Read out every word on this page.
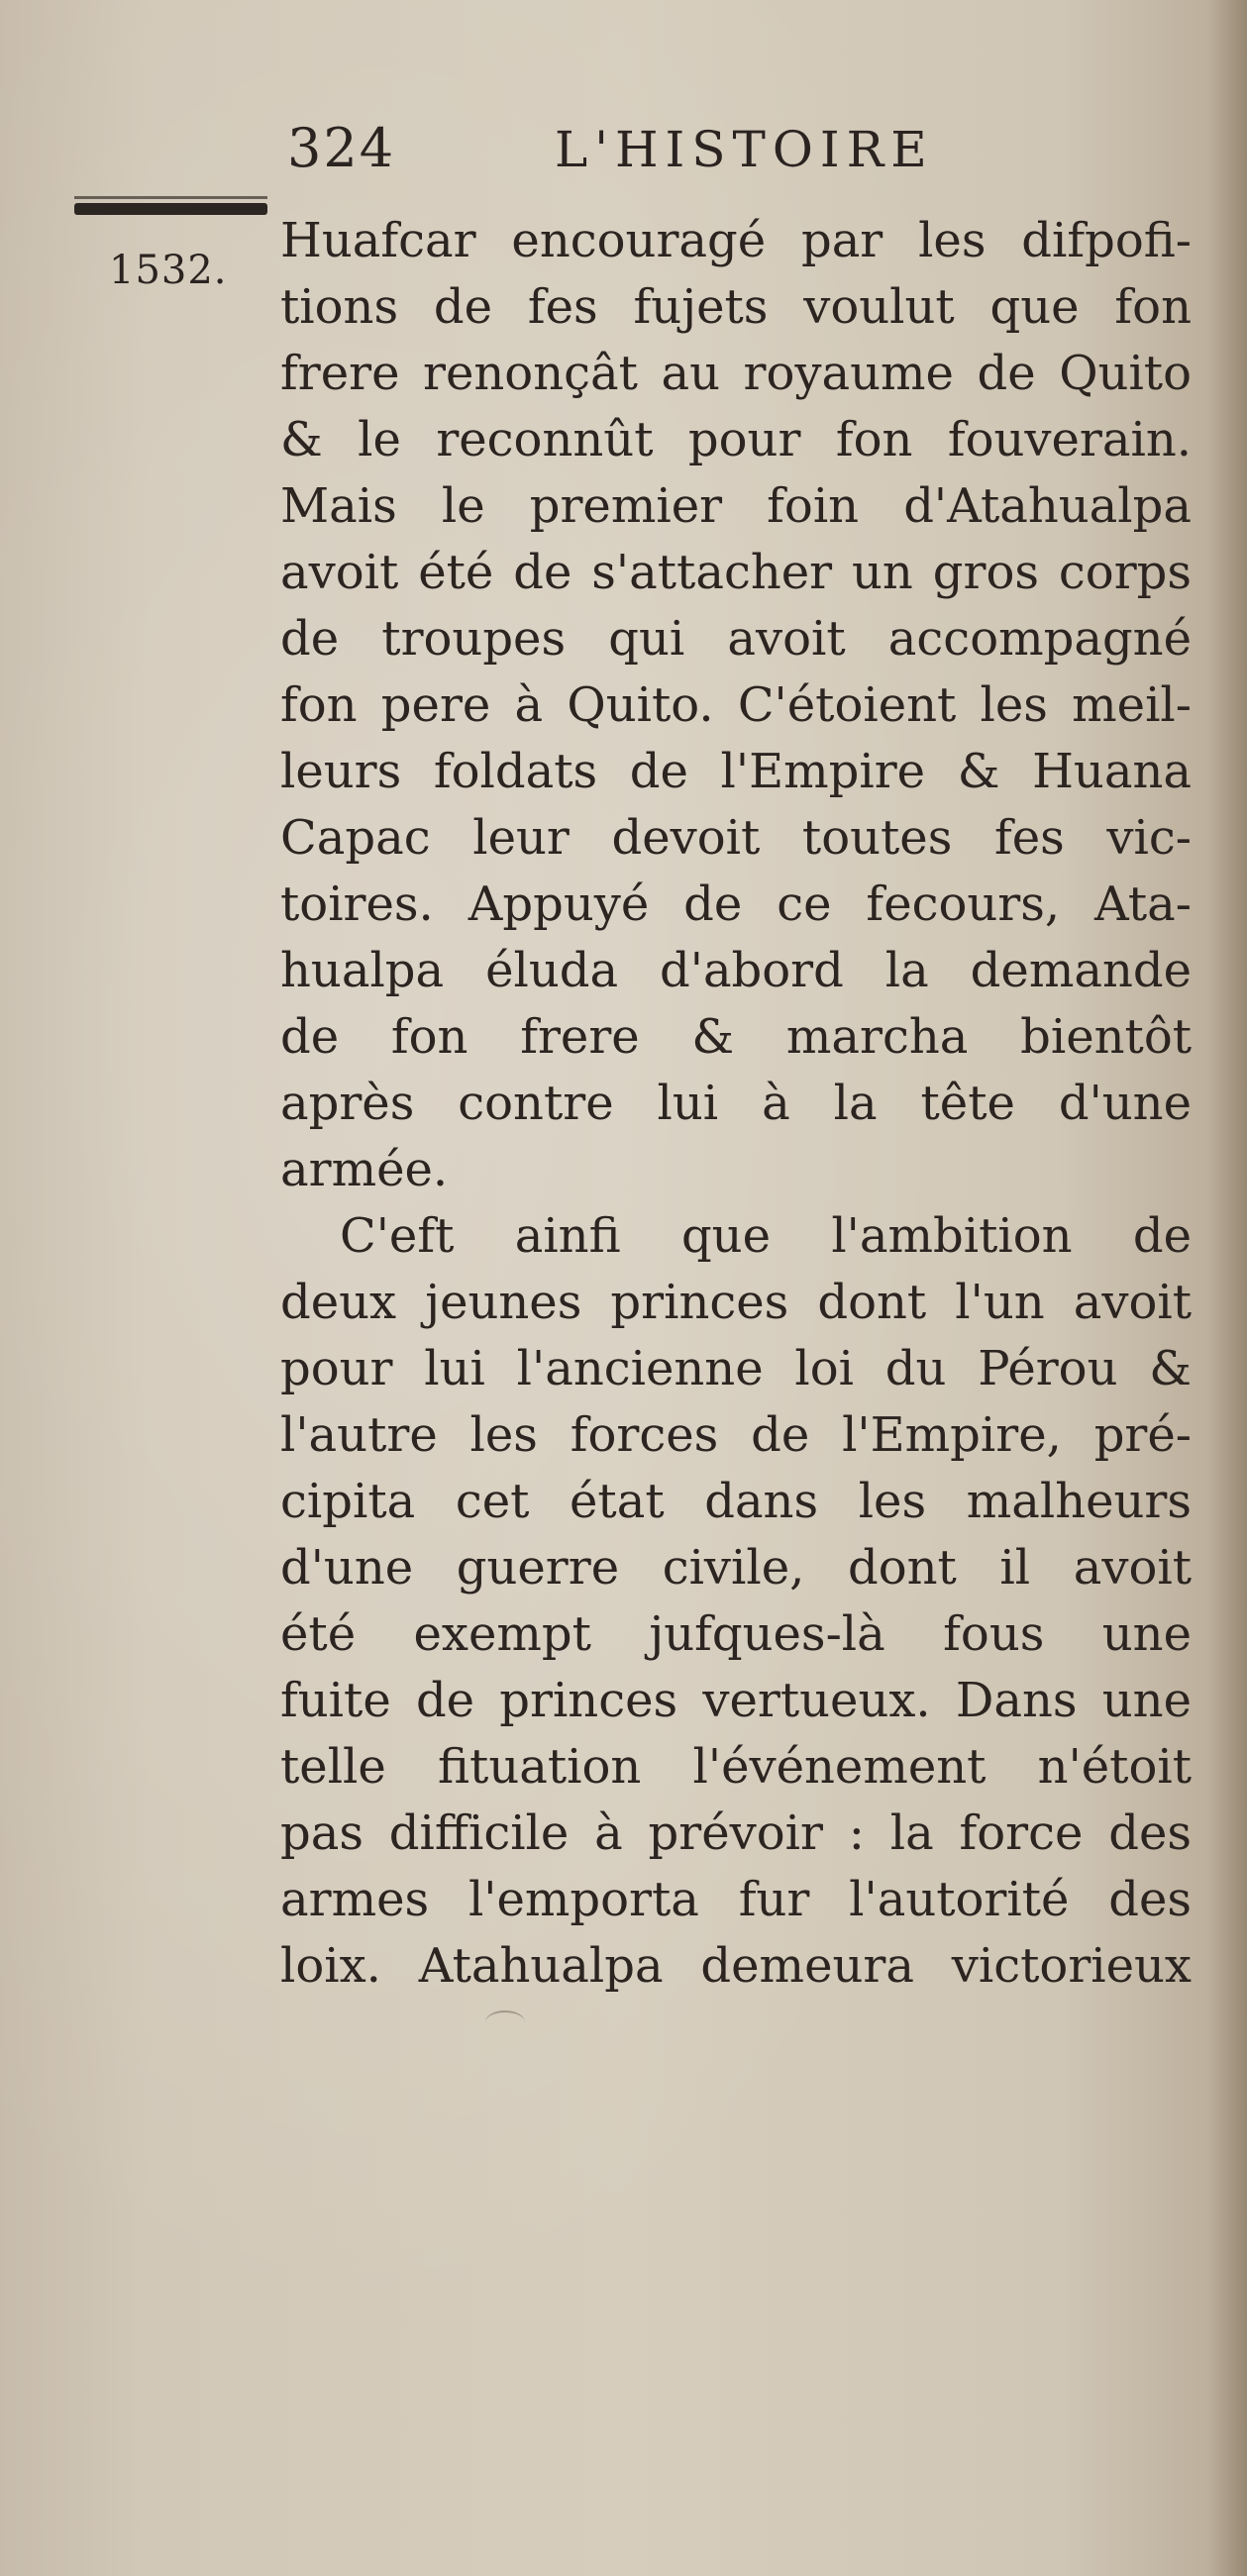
324	L'HISTOIRE
1532.
Huafcar encouragé par les difpofi-
tions de fes fujets voulut que fon
frere renonçât au royaume de Quito
& le reconnût pour fon fouverain.
Mais le premier foin d'Atahualpa
avoit été de s'attacher un gros corps
de troupes qui avoit accompagné
fon pere à Quito. C'étoient les meil-
leurs foldats de l'Empire & Huana
Capac leur devoit toutes fes vic-
toires. Appuyé de ce fecours, Ata-
hualpa éluda d'abord la demande
de fon frere & marcha bientôt
après contre lui à la tête d'une
armée.
C'eft ainfi que l'ambition de
deux jeunes princes dont l'un avoit
pour lui l'ancienne loi du Pérou &
l'autre les forces de l'Empire, pré-
cipita cet état dans les malheurs
d'une guerre civile, dont il avoit
été exempt jufques-là fous une
fuite de princes vertueux. Dans une
telle fituation l'événement n'étoit
pas difficile à prévoir : la force des
armes l'emporta fur l'autorité des
loix. Atahualpa demeura victorieux
